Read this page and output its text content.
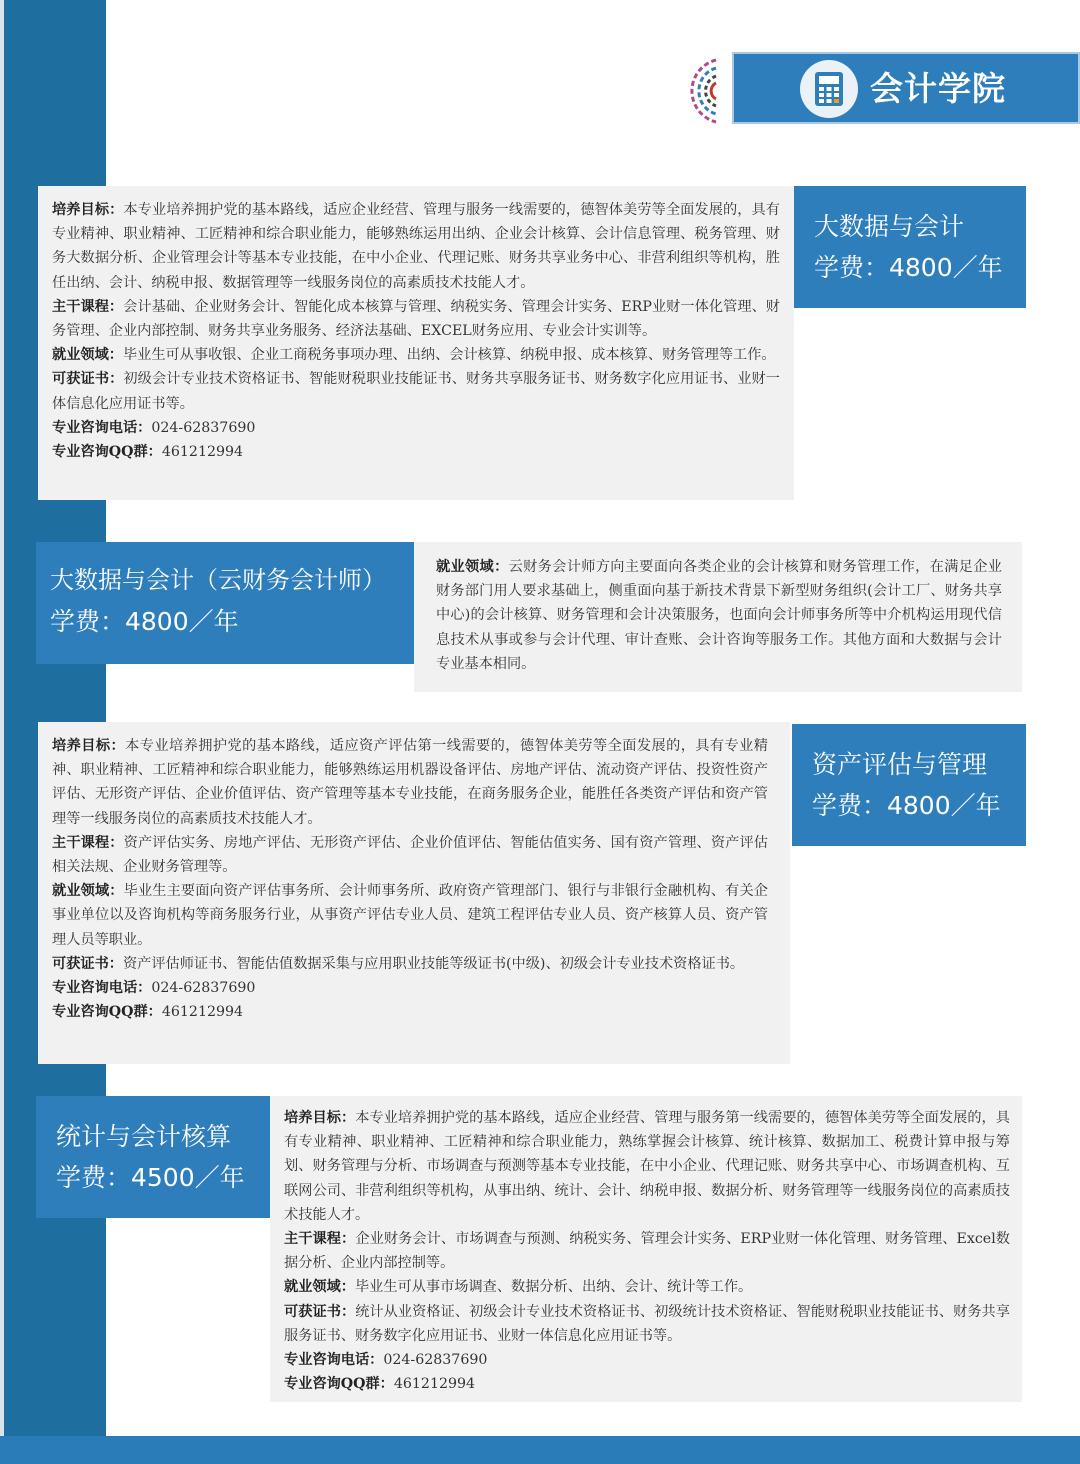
会计学院

培养目标：本专业培养拥护党的基本路线，适应企业经营、管理与服务一线需要的，德智体美劳等全面发展的，具有专业精神、职业精神、工匠精神和综合职业能力，能够熟练运用出纳、企业会计核算、会计信息管理、税务管理、财务大数据分析、企业管理会计等基本专业技能，在中小企业、代理记账、财务共享业务中心、非营利组织等机构，胜任出纳、会计、纳税申报、数据管理等一线服务岗位的高素质技术技能人才。

主干课程：会计基础、企业财务会计、智能化成本核算与管理、纳税实务、管理会计实务、ERP业财一体化管理、财务管理、企业内部控制、财务共享业务服务、经济法基础、EXCEL财务应用、专业会计实训等。

就业领域：毕业生可从事收银、企业工商税务事项办理、出纳、会计核算、纳税申报、成本核算、财务管理等工作。

可获证书：初级会计专业技术资格证书、智能财税职业技能证书、财务共享服务证书、财务数字化应用证书、业财一体信息化应用证书等。

专业咨询电话：024-62837690

专业咨询QQ群：461212994

大数据与会计
学费：4800／年
大数据与会计（云财务会计师）
学费：4800／年

就业领域：云财务会计师方向主要面向各类企业的会计核算和财务管理工作，在满足企业财务部门用人要求基础上，侧重面向基于新技术背景下新型财务组织(会计工厂、财务共享中心)的会计核算、财务管理和会计决策服务，也面向会计师事务所等中介机构运用现代信息技术从事或参与会计代理、审计查账、会计咨询等服务工作。其他方面和大数据与会计专业基本相同。

培养目标：本专业培养拥护党的基本路线，适应资产评估第一线需要的，德智体美劳等全面发展的，具有专业精神、职业精神、工匠精神和综合职业能力，能够熟练运用机器设备评估、房地产评估、流动资产评估、投资性资产评估、无形资产评估、企业价值评估、资产管理等基本专业技能，在商务服务企业，能胜任各类资产评估和资产管理等一线服务岗位的高素质技术技能人才。

主干课程：资产评估实务、房地产评估、无形资产评估、企业价值评估、智能估值实务、国有资产管理、资产评估相关法规、企业财务管理等。

就业领域：毕业生主要面向资产评估事务所、会计师事务所、政府资产管理部门、银行与非银行金融机构、有关企事业单位以及咨询机构等商务服务行业，从事资产评估专业人员、建筑工程评估专业人员、资产核算人员、资产管理人员等职业。

可获证书：资产评估师证书、智能估值数据采集与应用职业技能等级证书(中级)、初级会计专业技术资格证书。

专业咨询电话：024-62837690

专业咨询QQ群：461212994

资产评估与管理
学费：4800／年
统计与会计核算
学费：4500／年

培养目标：本专业培养拥护党的基本路线，适应企业经营、管理与服务第一线需要的，德智体美劳等全面发展的，具有专业精神、职业精神、工匠精神和综合职业能力，熟练掌握会计核算、统计核算、数据加工、税费计算申报与筹划、财务管理与分析、市场调查与预测等基本专业技能，在中小企业、代理记账、财务共享中心、市场调查机构、互联网公司、非营利组织等机构，从事出纳、统计、会计、纳税申报、数据分析、财务管理等一线服务岗位的高素质技术技能人才。

主干课程：企业财务会计、市场调查与预测、纳税实务、管理会计实务、ERP业财一体化管理、财务管理、Excel数据分析、企业内部控制等。

就业领域：毕业生可从事市场调查、数据分析、出纳、会计、统计等工作。

可获证书：统计从业资格证、初级会计专业技术资格证书、初级统计技术资格证、智能财税职业技能证书、财务共享服务证书、财务数字化应用证书、业财一体信息化应用证书等。

专业咨询电话：024-62837690

专业咨询QQ群：461212994
